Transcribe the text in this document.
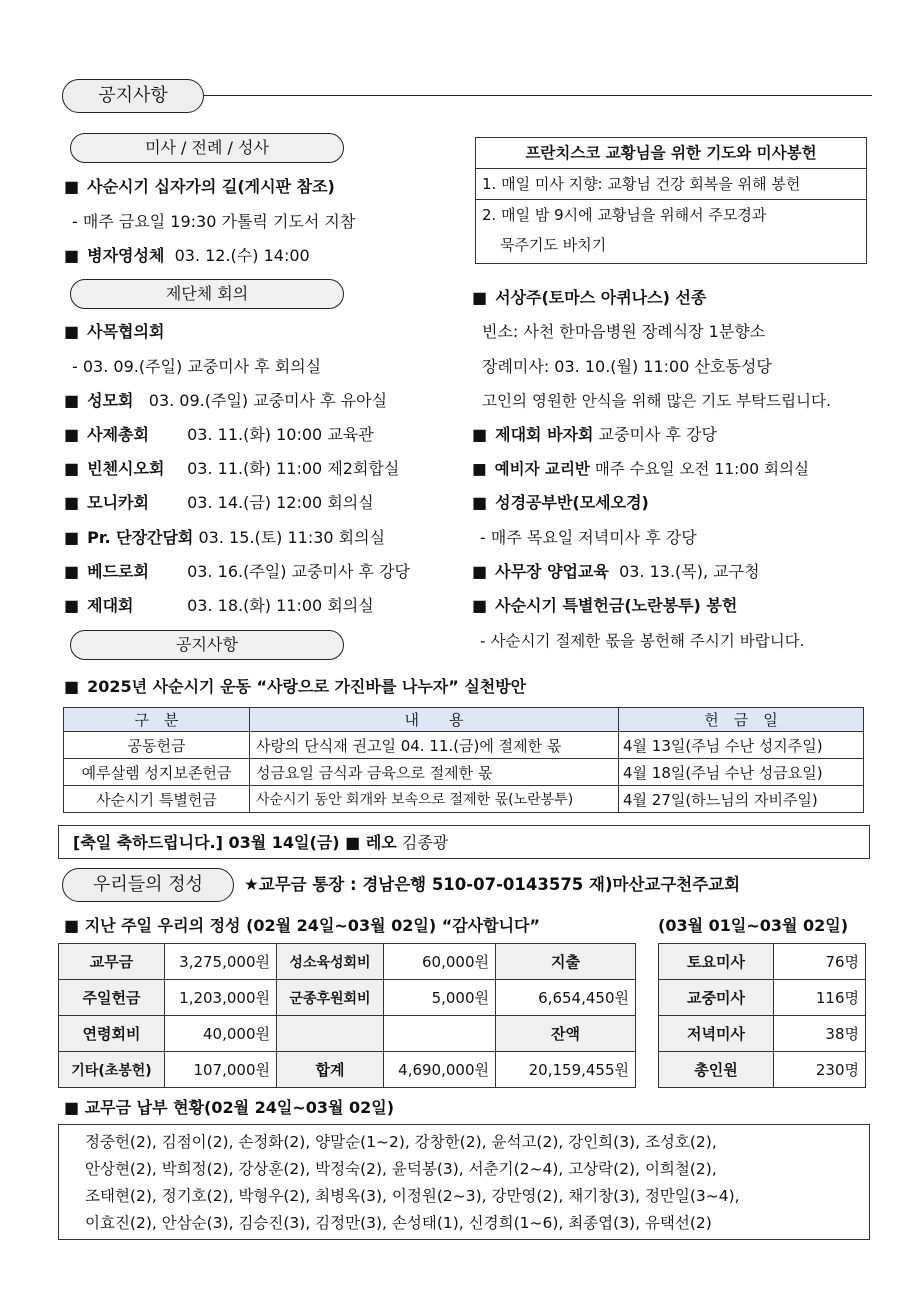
공지사항
미사 / 전례 / 성사
■ 사순시기 십자가의 길(게시판 참조)
- 매주 금요일 19:30 가톨릭 기도서 지참
■ 병자영성체 03. 12.(수) 14:00
제단체 회의
■ 사목협의회
- 03. 09.(주일) 교중미사 후 회의실
■ 성모회 03. 09.(주일) 교중미사 후 유아실
■ 사제총회 03. 11.(화) 10:00 교육관
■ 빈첸시오회 03. 11.(화) 11:00 제2회합실
■ 모니카회 03. 14.(금) 12:00 회의실
■ Pr. 단장간담회 03. 15.(토) 11:30 회의실
■ 베드로회 03. 16.(주일) 교중미사 후 강당
■ 제대회	03. 18.(화) 11:00 회의실
공지사항
프란치스코 교황님을 위한 기도와 미사봉헌
1. 매일 미사 지향: 교황님 건강 회복을 위해 봉헌
2. 매일 밤 9시에 교황님을 위해서 주모경과
묵주기도 바치기
■ 서상주(토마스 아퀴나스) 선종
빈소: 사천 한마음병원 장례식장 1분향소
장례미사: 03. 10.(월) 11:00 산호동성당
고인의 영원한 안식을 위해 많은 기도 부탁드립니다.
■ 제대회 바자회 교중미사 후 강당
■ 예비자 교리반 매주 수요일 오전 11:00 회의실
■ 성경공부반(모세오경)
- 매주 목요일 저녁미사 후 강당
■ 사무장 양업교육 03. 13.(목), 교구청
■ 사순시기 특별헌금(노란봉투) 봉헌
- 사순시기 절제한 몫을 봉헌해 주시기 바랍니다.
■ 2025년 사순시기 운동 “사랑으로 가진바를 나누자” 실천방안
구　분	내　　용	헌　금　일
공동헌금	사랑의 단식재 권고일 04. 11.(금)에 절제한 몫	4월 13일(주님 수난 성지주일)
예루살렘 성지보존헌금	성금요일 금식과 금육으로 절제한 몫	4월 18일(주님 수난 성금요일)
사순시기 특별헌금	사순시기 동안 회개와 보속으로 절제한 몫(노란봉투)	4월 27일(하느님의 자비주일)
[축일 축하드립니다.] 03월 14일(금) ■ 레오 김종광
우리들의 정성	★교무금 통장 : 경남은행 510-07-0143575 재)마산교구천주교회
■ 지난 주일 우리의 정성 (02월 24일~03월 02일) “감사합니다”	(03월 01일~03월 02일)
교무금	3,275,000원	성소육성회비	60,000원	지출
주일헌금	1,203,000원	군종후원회비	5,000원	6,654,450원
연령회비	40,000원			잔액
기타(초봉헌)	107,000원	합계	4,690,000원	20,159,455원
토요미사	76명
교중미사	116명
저녁미사	38명
총인원	230명
■ 교무금 납부 현황(02월 24일~03월 02일)
정중헌(2), 김점이(2), 손정화(2), 양말순(1~2), 강창한(2), 윤석고(2), 강인희(3), 조성호(2),
안상현(2), 박희정(2), 강상훈(2), 박정숙(2), 윤덕봉(3), 서춘기(2~4), 고상락(2), 이희철(2),
조태현(2), 정기호(2), 박형우(2), 최병옥(3), 이정원(2~3), 강만영(2), 채기창(3), 정만일(3~4),
이효진(2), 안삼순(3), 김승진(3), 김정만(3), 손성태(1), 신경희(1~6), 최종엽(3), 유택선(2)
